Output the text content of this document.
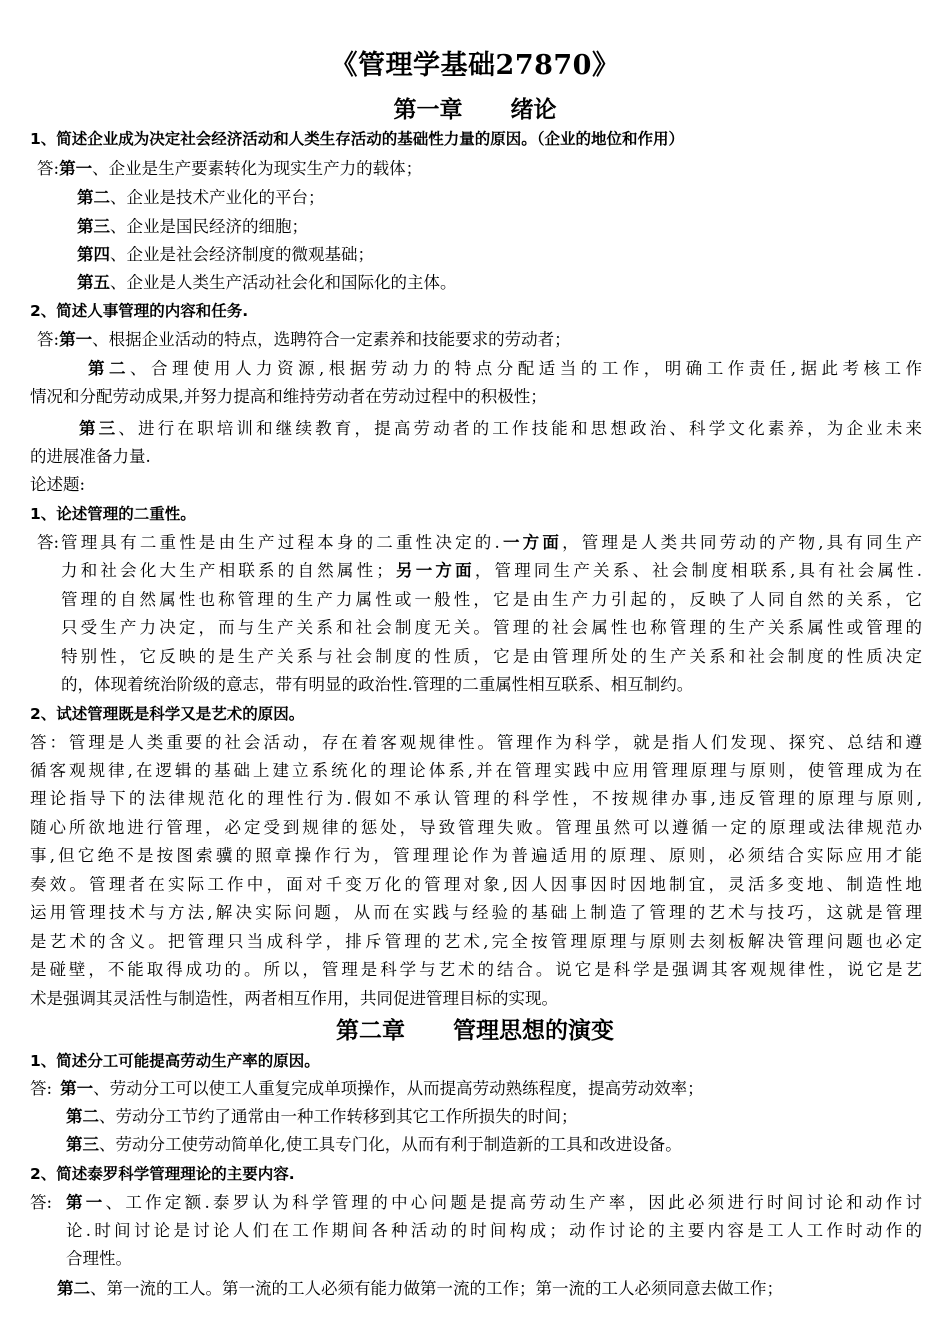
《管理学基础27870》
第一章 绪论
1、简述企业成为决定社会经济活动和人类生存活动的基础性力量的原因。（企业的地位和作用）
答:第一、企业是生产要素转化为现实生产力的载体；
第二、企业是技术产业化的平台；
第三、企业是国民经济的细胞；
第四、企业是社会经济制度的微观基础；
第五、企业是人类生产活动社会化和国际化的主体。
2、简述人事管理的内容和任务.
答:第一、根据企业活动的特点，选聘符合一定素养和技能要求的劳动者；
第二、合理使用人力资源,根据劳动力的特点分配适当的工作，明确工作责任,据此考核工作
情况和分配劳动成果,并努力提高和维持劳动者在劳动过程中的积极性；
第三、进行在职培训和继续教育，提高劳动者的工作技能和思想政治、科学文化素养，为企业未来
的进展准备力量.
论述题:
1、论述管理的二重性。
答: 管理具有二重性是由生产过程本身的二重性决定的.一方面，管理是人类共同劳动的产物,具有同生产
力和社会化大生产相联系的自然属性；另一方面，管理同生产关系、社会制度相联系,具有社会属性.
管理的自然属性也称管理的生产力属性或一般性，它是由生产力引起的，反映了人同自然的关系，它
只受生产力决定，而与生产关系和社会制度无关。管理的社会属性也称管理的生产关系属性或管理的
特别性，它反映的是生产关系与社会制度的性质，它是由管理所处的生产关系和社会制度的性质决定
的，体现着统治阶级的意志，带有明显的政治性.管理的二重属性相互联系、相互制约。
2、试述管理既是科学又是艺术的原因。
答：管理是人类重要的社会活动，存在着客观规律性。管理作为科学，就是指人们发现、探究、总结和遵
循客观规律,在逻辑的基础上建立系统化的理论体系,并在管理实践中应用管理原理与原则，使管理成为在
理论指导下的法律规范化的理性行为.假如不承认管理的科学性，不按规律办事,违反管理的原理与原则,
随心所欲地进行管理，必定受到规律的惩处，导致管理失败。管理虽然可以遵循一定的原理或法律规范办
事,但它绝不是按图索骥的照章操作行为，管理理论作为普遍适用的原理、原则，必须结合实际应用才能
奏效。管理者在实际工作中，面对千变万化的管理对象,因人因事因时因地制宜，灵活多变地、制造性地
运用管理技术与方法,解决实际问题，从而在实践与经验的基础上制造了管理的艺术与技巧，这就是管理
是艺术的含义。把管理只当成科学，排斥管理的艺术,完全按管理原理与原则去刻板解决管理问题也必定
是碰壁，不能取得成功的。所以，管理是科学与艺术的结合。说它是科学是强调其客观规律性，说它是艺
术是强调其灵活性与制造性，两者相互作用，共同促进管理目标的实现。
第二章 管理思想的演变
1、简述分工可能提高劳动生产率的原因。
答: 第一、劳动分工可以使工人重复完成单项操作，从而提高劳动熟练程度，提高劳动效率；
第二、劳动分工节约了通常由一种工作转移到其它工作所损失的时间；
第三、劳动分工使劳动简单化,使工具专门化，从而有利于制造新的工具和改进设备。
2、简述泰罗科学管理理论的主要内容.
答: 第一、工作定额.泰罗认为科学管理的中心问题是提高劳动生产率，因此必须进行时间讨论和动作讨
论.时间讨论是讨论人们在工作期间各种活动的时间构成；动作讨论的主要内容是工人工作时动作的
合理性。
第二、第一流的工人。第一流的工人必须有能力做第一流的工作；第一流的工人必须同意去做工作；
